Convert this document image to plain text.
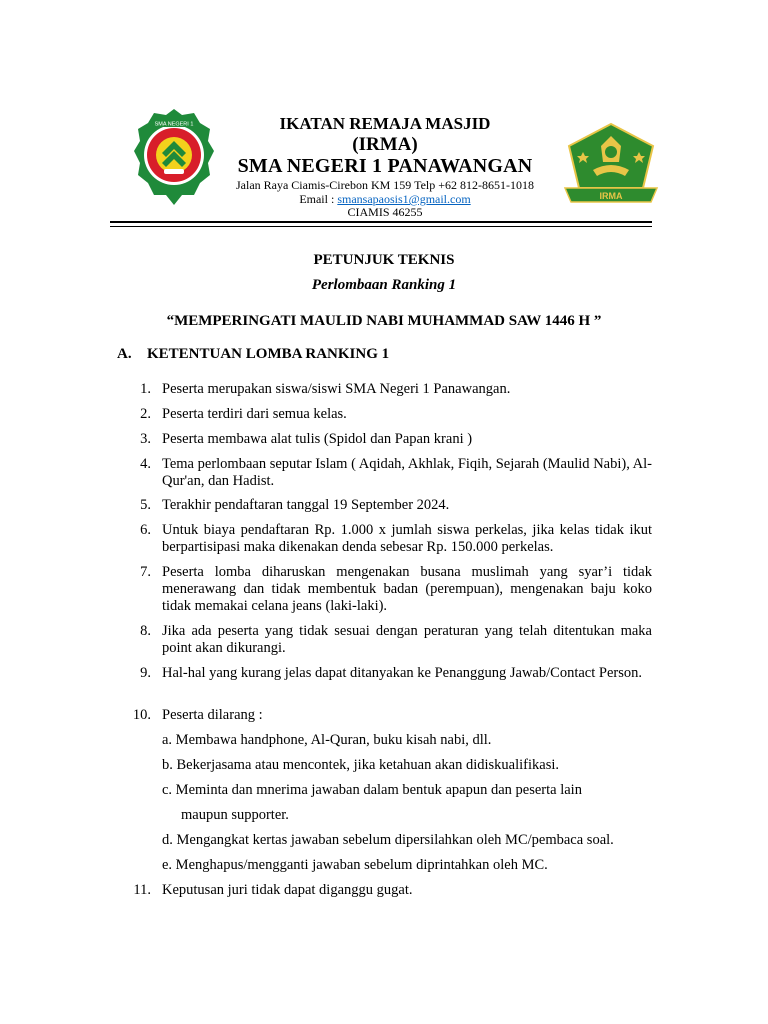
SMA NEGERI 1
IRMA
IKATAN REMAJA MASJID
(IRMA)
SMA NEGERI 1 PANAWANGAN
Jalan Raya Ciamis-Cirebon KM 159 Telp +62 812-8651-1018
Email : smansapaosis1@gmail.com
CIAMIS 46255
PETUNJUK TEKNIS
Perlombaan Ranking 1
“MEMPERINGATI MAULID NABI MUHAMMAD SAW 1446 H ”
A. KETENTUAN LOMBA RANKING 1
1. Peserta merupakan siswa/siswi SMA Negeri 1 Panawangan.
2. Peserta terdiri dari semua kelas.
3. Peserta membawa alat tulis (Spidol dan Papan krani )
4. Tema perlombaan seputar Islam ( Aqidah, Akhlak, Fiqih, Sejarah (Maulid Nabi), Al-Qur'an, dan Hadist.
5. Terakhir pendaftaran tanggal 19 September 2024.
6. Untuk biaya pendaftaran Rp. 1.000 x jumlah siswa perkelas, jika kelas tidak ikut berpartisipasi maka dikenakan denda sebesar Rp. 150.000 perkelas.
7. Peserta lomba diharuskan mengenakan busana muslimah yang syar’i tidak menerawang dan tidak membentuk badan (perempuan), mengenakan baju koko tidak memakai celana jeans (laki-laki).
8. Jika ada peserta yang tidak sesuai dengan peraturan yang telah ditentukan maka point akan dikurangi.
9. Hal-hal yang kurang jelas dapat ditanyakan ke Penanggung Jawab/Contact Person.
10. Peserta dilarang :
a. Membawa handphone, Al-Quran, buku kisah nabi, dll.
b. Bekerjasama atau mencontek, jika ketahuan akan didiskualifikasi.
c. Meminta dan mnerima jawaban dalam bentuk apapun dan peserta lain
maupun supporter.
d. Mengangkat kertas jawaban sebelum dipersilahkan oleh MC/pembaca soal.
e. Menghapus/mengganti jawaban sebelum diprintahkan oleh MC.
11. Keputusan juri tidak dapat diganggu gugat.
